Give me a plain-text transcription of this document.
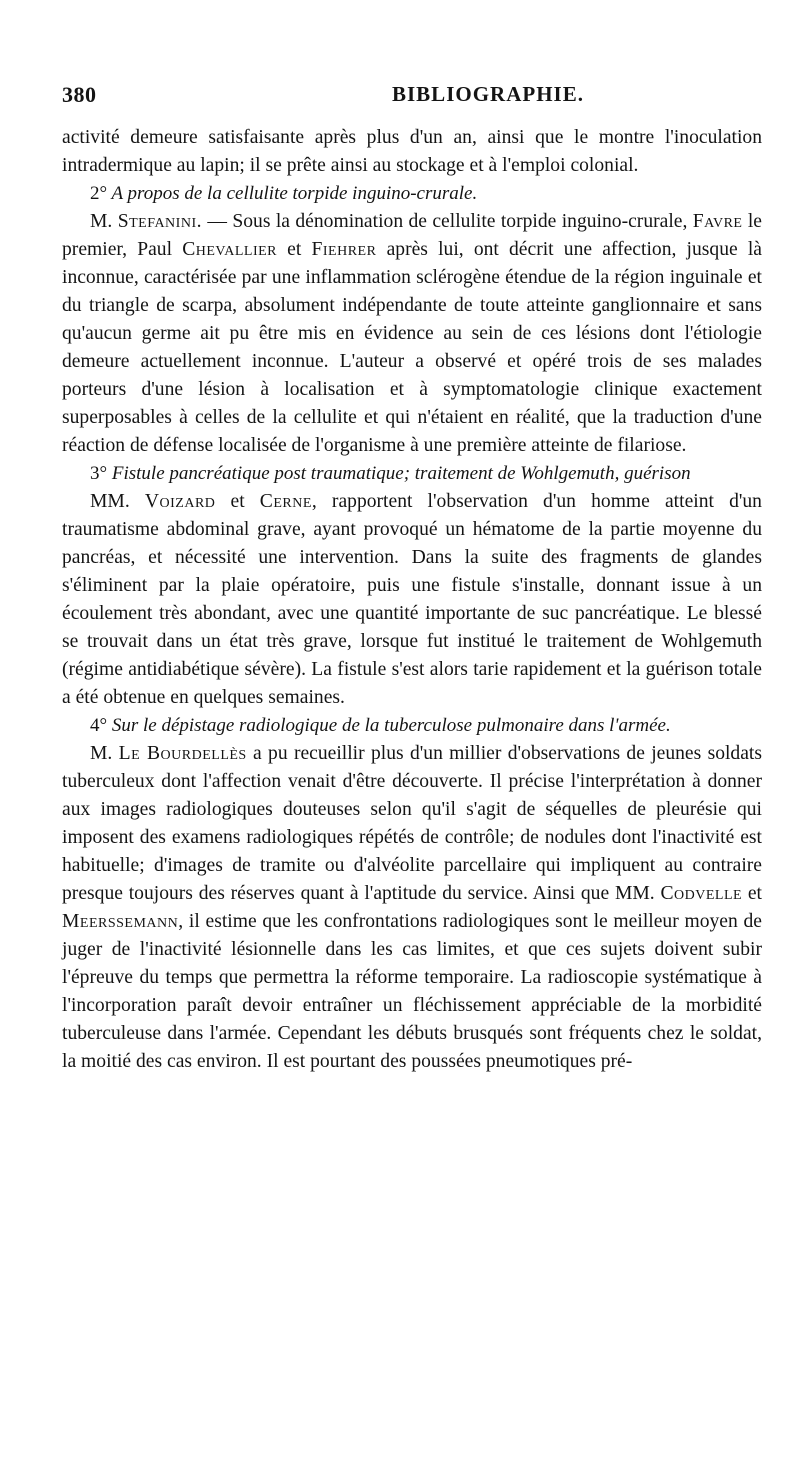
380	BIBLIOGRAPHIE.

activité demeure satisfaisante après plus d'un an, ainsi que le montre l'inoculation intradermique au lapin; il se prête ainsi au stockage et à l'emploi colonial.

2° A propos de la cellulite torpide inguino-crurale.

M. Stefanini. — Sous la dénomination de cellulite torpide inguino-crurale, Favre le premier, Paul Chevallier et Fiehrer après lui, ont décrit une affection, jusque là inconnue, caractérisée par une inflammation sclérogène étendue de la région inguinale et du triangle de scarpa, absolument indépendante de toute atteinte ganglionnaire et sans qu'aucun germe ait pu être mis en évidence au sein de ces lésions dont l'étiologie demeure actuellement inconnue. L'auteur a observé et opéré trois de ses malades porteurs d'une lésion à localisation et à symptomatologie clinique exactement superposables à celles de la cellulite et qui n'étaient en réalité, que la traduction d'une réaction de défense localisée de l'organisme à une première atteinte de filariose.

3° Fistule pancréatique post traumatique; traitement de Wohlgemuth, guérison

MM. Voizard et Cerne, rapportent l'observation d'un homme atteint d'un traumatisme abdominal grave, ayant provoqué un hématome de la partie moyenne du pancréas, et nécessité une intervention. Dans la suite des fragments de glandes s'éliminent par la plaie opératoire, puis une fistule s'installe, donnant issue à un écoulement très abondant, avec une quantité importante de suc pancréatique. Le blessé se trouvait dans un état très grave, lorsque fut institué le traitement de Wohlgemuth (régime antidiabétique sévère). La fistule s'est alors tarie rapidement et la guérison totale a été obtenue en quelques semaines.

4° Sur le dépistage radiologique de la tuberculose pulmonaire dans l'armée.

M. Le Bourdellès a pu recueillir plus d'un millier d'observations de jeunes soldats tuberculeux dont l'affection venait d'être découverte. Il précise l'interprétation à donner aux images radiologiques douteuses selon qu'il s'agit de séquelles de pleurésie qui imposent des examens radiologiques répétés de contrôle; de nodules dont l'inactivité est habituelle; d'images de tramite ou d'alvéolite parcellaire qui impliquent au contraire presque toujours des réserves quant à l'aptitude du service. Ainsi que MM. Codvelle et Meerssemann, il estime que les confrontations radiologiques sont le meilleur moyen de juger de l'inactivité lésionnelle dans les cas limites, et que ces sujets doivent subir l'épreuve du temps que permettra la réforme temporaire. La radioscopie systématique à l'incorporation paraît devoir entraîner un fléchissement appréciable de la morbidité tuberculeuse dans l'armée. Cependant les débuts brusqués sont fréquents chez le soldat, la moitié des cas environ. Il est pourtant des poussées pneumotiques pré-
